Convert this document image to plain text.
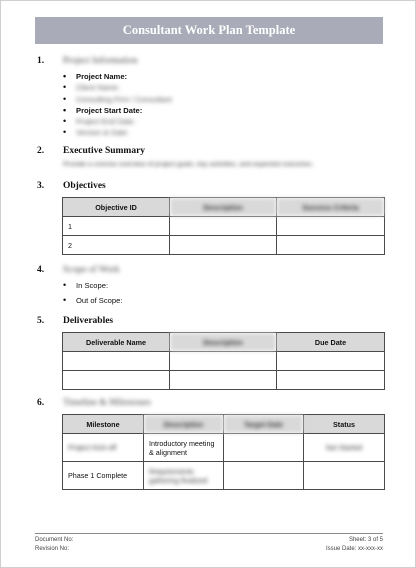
Consultant Work Plan Template
1. Project Information
• Project Name:
• Client Name:
• Consulting Firm / Consultant
• Project Start Date:
• Project End Date:
• Version & Date:
2. Executive Summary
Provide a concise overview of project goals, key activities, and expected outcomes.
3. Objectives
Objective ID	Description	Success Criteria
1		
2		
4. Scope of Work
• In Scope:
• Out of Scope:
5. Deliverables
Deliverable Name	Description	Due Date

6. Timeline & Milestones
Milestone	Description	Target Date	Status
Project Kick-off	Introductory meeting & alignment		Not Started
Phase 1 Complete	Requirements gathering finalized		
Document No:	Sheet: 3 of 5
Revision No:	Issue Date: xx-xxx-xx
